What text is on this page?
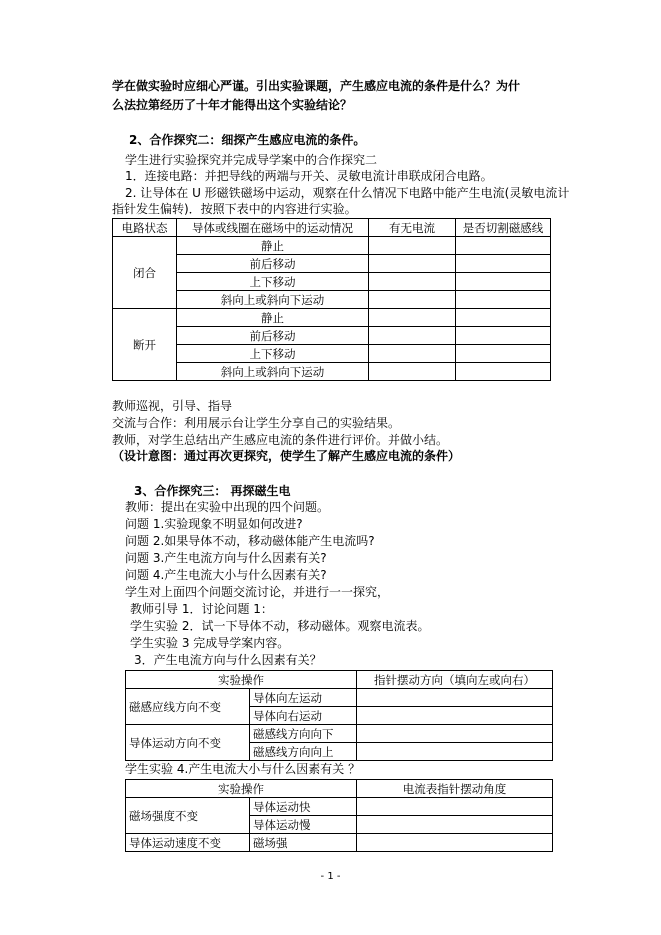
学在做实验时应细心严谨。引出实验课题，产生感应电流的条件是什么？为什
么法拉第经历了十年才能得出这个实验结论？
2、合作探究二：细探产生感应电流的条件。
学生进行实验探究并完成导学案中的合作探究二
1．连接电路：并把导线的两端与开关、灵敏电流计串联成闭合电路。
2. 让导体在 U 形磁铁磁场中运动，观察在什么情况下电路中能产生电流(灵敏电流计
指针发生偏转)．按照下表中的内容进行实验。
电路状态	导体或线圈在磁场中的运动情况	有无电流	是否切割磁感线
闭合	静止		
	前后移动		
	上下移动		
	斜向上或斜向下运动		
断开	静止		
	前后移动		
	上下移动		
	斜向上或斜向下运动		
教师巡视，引导、指导
交流与合作：利用展示台让学生分享自己的实验结果。
教师，对学生总结出产生感应电流的条件进行评价。并做小结。
（设计意图：通过再次更探究，使学生了解产生感应电流的条件）
3、合作探究三： 再探磁生电
教师：提出在实验中出现的四个问题。
问题 1.实验现象不明显如何改进?
问题 2.如果导体不动，移动磁体能产生电流吗?
问题 3.产生电流方向与什么因素有关?
问题 4.产生电流大小与什么因素有关?
学生对上面四个问题交流讨论，并进行一一探究，
教师引导 1．讨论问题 1：
学生实验 2．试一下导体不动，移动磁体。观察电流表。
学生实验 3 完成导学案内容。
3．产生电流方向与什么因素有关？
实验操作		指针摆动方向（填向左或向右）
磁感应线方向不变	导体向左运动	
	导体向右运动	
导体运动方向不变	磁感线方向向下	
	磁感线方向向上	
学生实验 4.产生电流大小与什么因素有关 ？
实验操作		电流表指针摆动角度
磁场强度不变	导体运动快	
	导体运动慢	
导体运动速度不变	磁场强	
- 1 -
